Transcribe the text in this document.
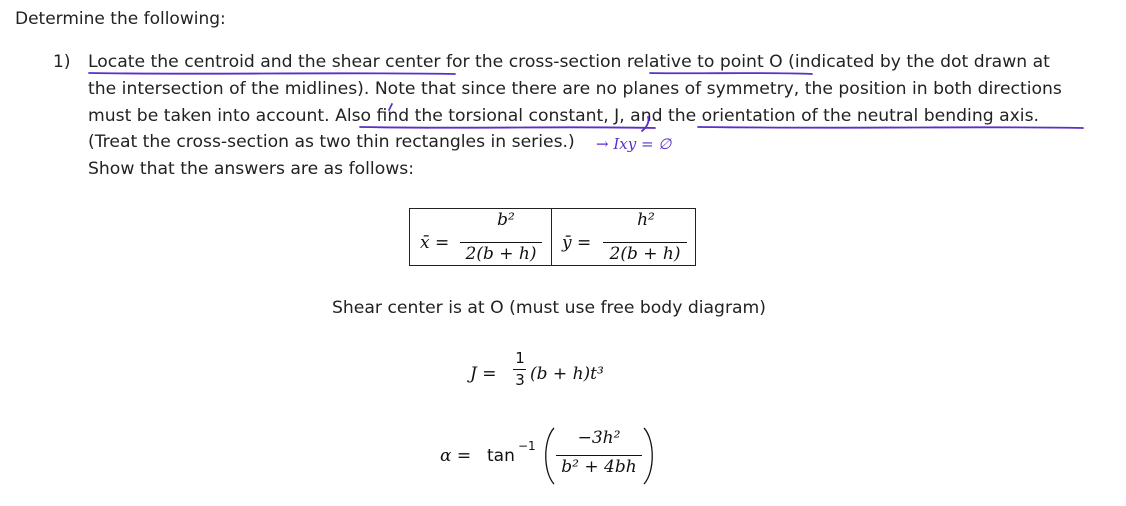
Determine the following:
1) Locate the centroid and the shear center for the cross-section relative to point O (indicated by the dot drawn at
the intersection of the midlines). Note that since there are no planes of symmetry, the position in both directions
must be taken into account. Also find the torsional constant, J, and the orientation of the neutral bending axis.
(Treat the cross-section as two thin rectangles in series.)
Show that the answers are as follows:
→ Ixy = ∅
x̄ =
b²
2(b + h)
ȳ =
h²
2(b + h)
Shear center is at O (must use free body diagram)
J =
1
3 (b + h)t³
α = tan −1	−3h²
b² + 4bh
